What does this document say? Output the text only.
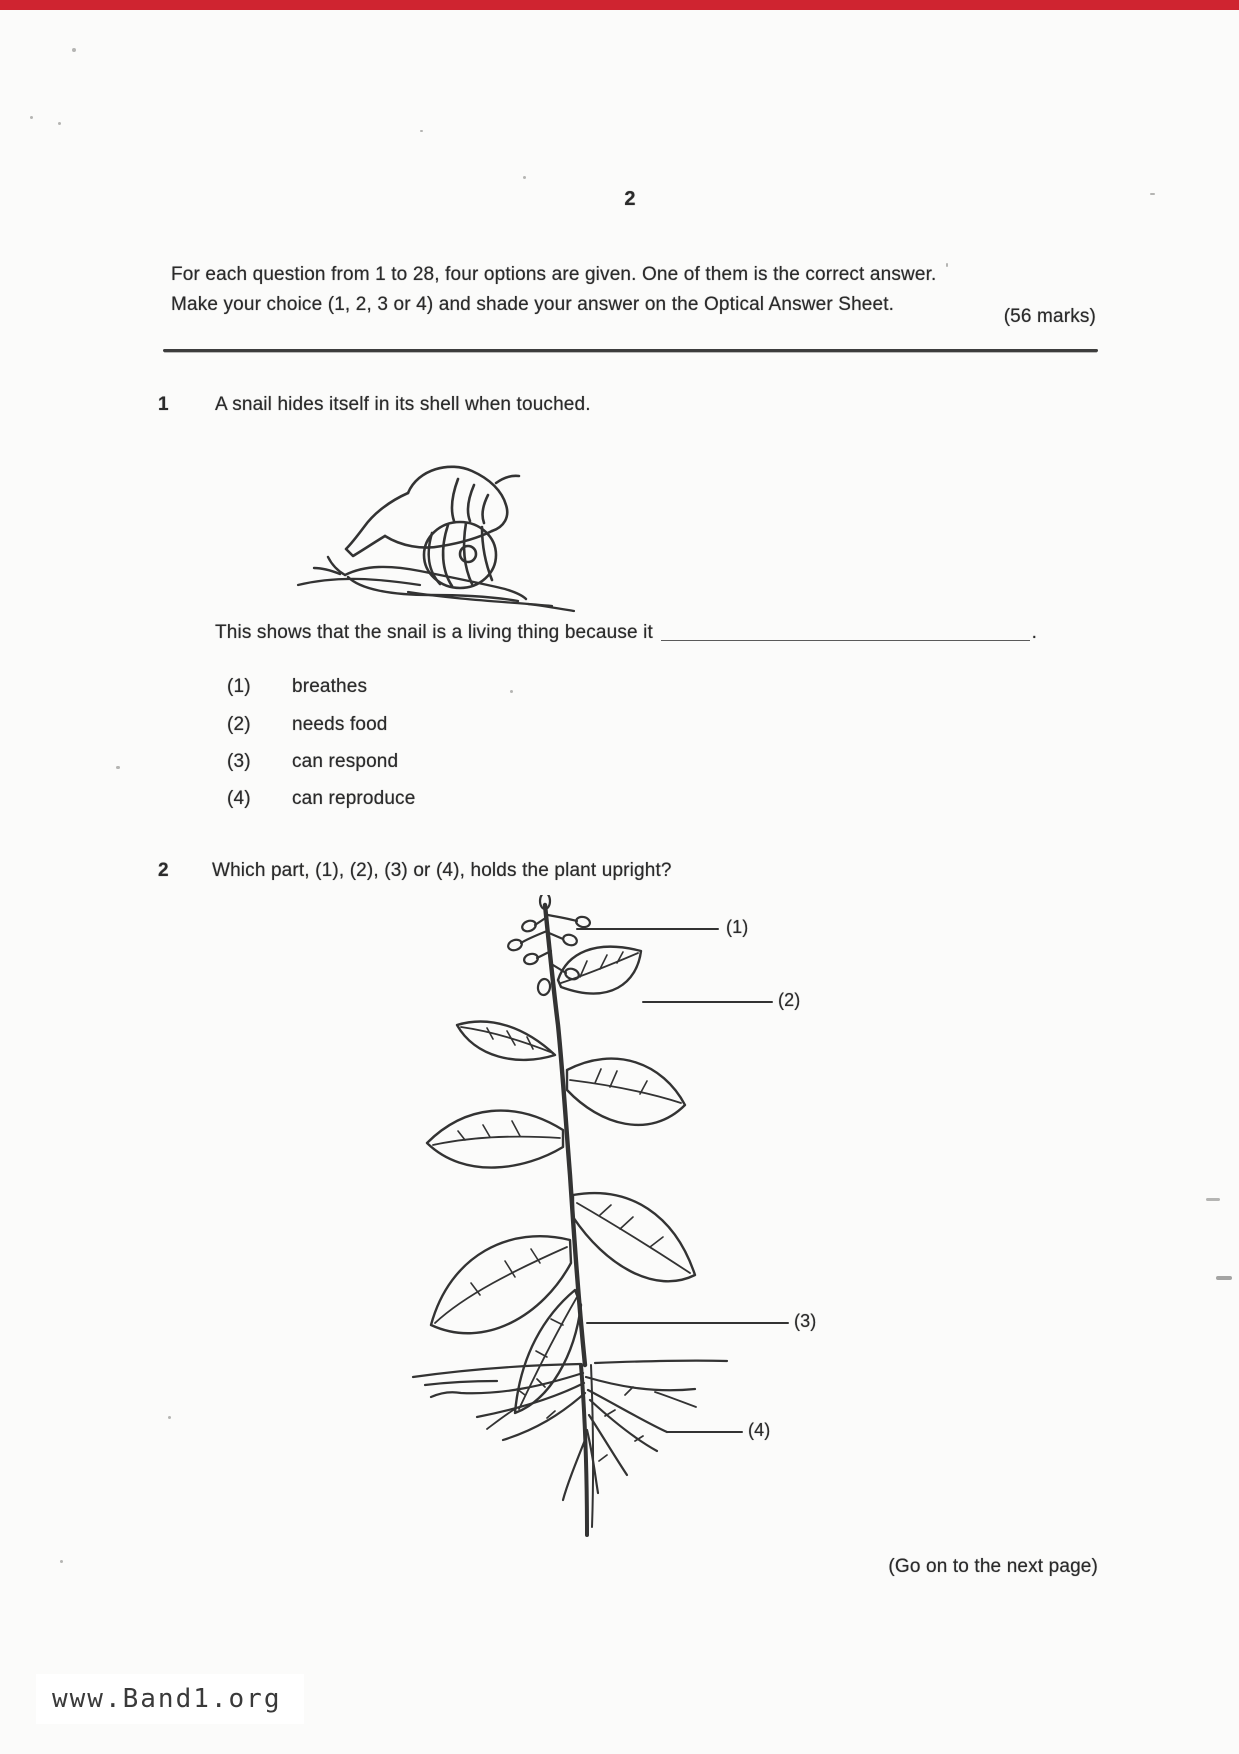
2
For each question from 1 to 28, four options are given. One of them is the correct answer.
Make your choice (1, 2, 3 or 4) and shade your answer on the Optical Answer Sheet.
(56 marks)
1 A snail hides itself in its shell when touched.
This shows that the snail is a living thing because it	.
(1)	breathes
(2)	needs food
(3)	can respond
(4)	can reproduce
2 Which part, (1), (2), (3) or (4), holds the plant upright?
(1)
(2)
(3)
(4)
(Go on to the next page)
www.Band1.org
